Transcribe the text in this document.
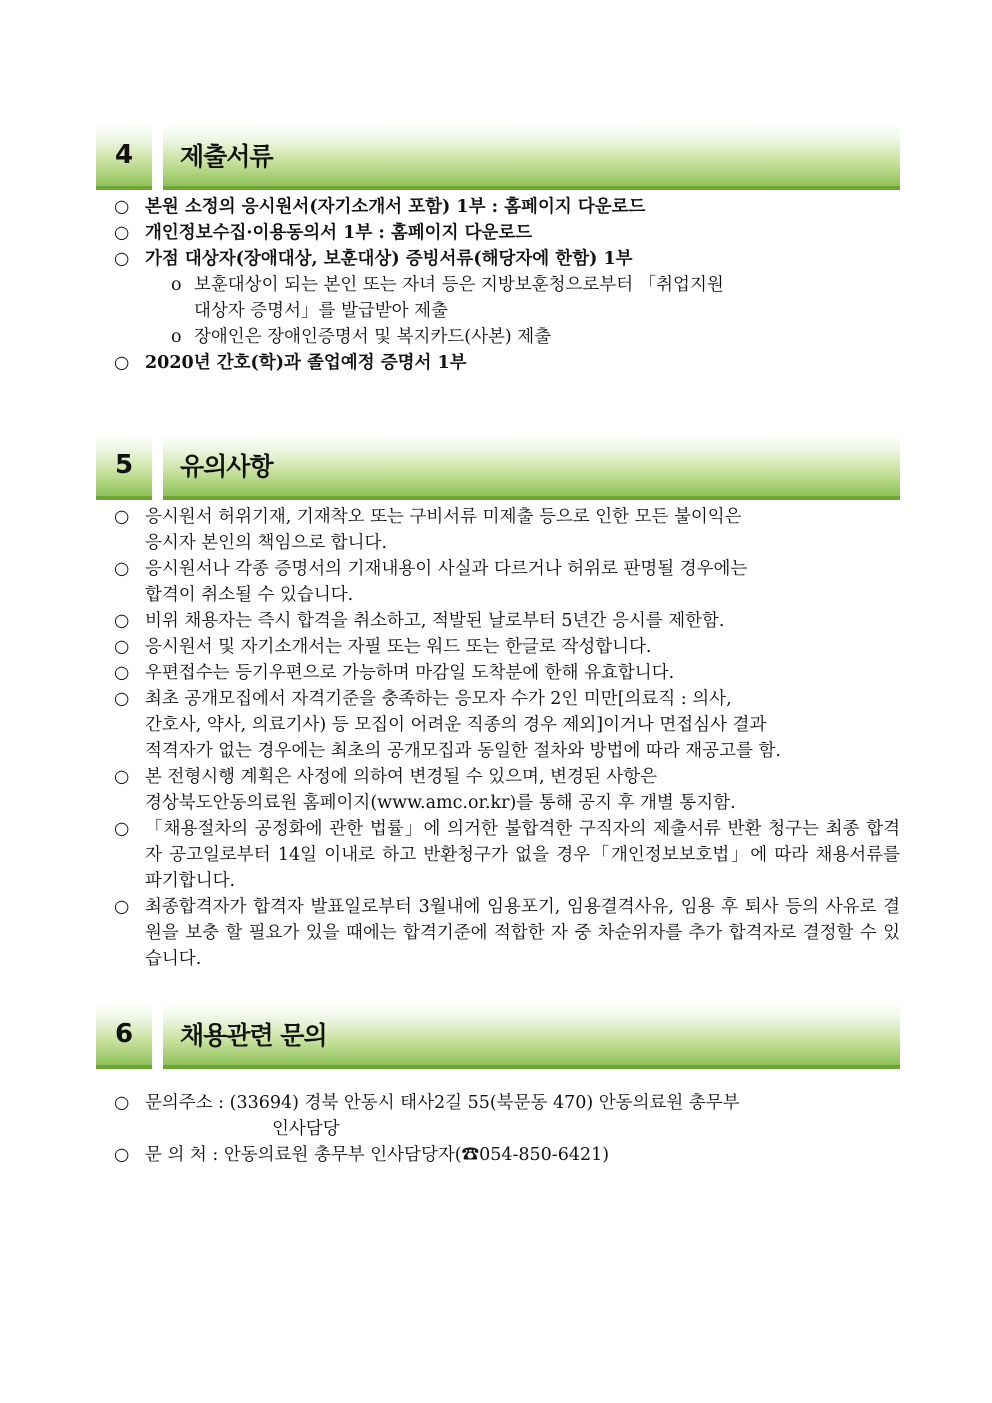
4	제출서류
○ 본원 소정의 응시원서(자기소개서 포함) 1부 : 홈페이지 다운로드
○ 개인정보수집·이용동의서 1부 : 홈페이지 다운로드
○ 가점 대상자(장애대상, 보훈대상) 증빙서류(해당자에 한함) 1부
o 보훈대상이 되는 본인 또는 자녀 등은 지방보훈청으로부터 「취업지원
대상자 증명서」를 발급받아 제출
o 장애인은 장애인증명서 및 복지카드(사본) 제출
○ 2020년 간호(학)과 졸업예정 증명서 1부
5	유의사항
○ 응시원서 허위기재, 기재착오 또는 구비서류 미제출 등으로 인한 모든 불이익은
응시자 본인의 책임으로 합니다.
○ 응시원서나 각종 증명서의 기재내용이 사실과 다르거나 허위로 판명될 경우에는
합격이 취소될 수 있습니다.
○ 비위 채용자는 즉시 합격을 취소하고, 적발된 날로부터 5년간 응시를 제한함.
○ 응시원서 및 자기소개서는 자필 또는 워드 또는 한글로 작성합니다.
○ 우편접수는 등기우편으로 가능하며 마감일 도착분에 한해 유효합니다.
○ 최초 공개모집에서 자격기준을 충족하는 응모자 수가 2인 미만[의료직 : 의사,
간호사, 약사, 의료기사) 등 모집이 어려운 직종의 경우 제외]이거나 면접심사 결과
적격자가 없는 경우에는 최초의 공개모집과 동일한 절차와 방법에 따라 재공고를 함.
○ 본 전형시행 계획은 사정에 의하여 변경될 수 있으며, 변경된 사항은
경상북도안동의료원 홈페이지(www.amc.or.kr)를 통해 공지 후 개별 통지함.
○ 「채용절차의 공정화에 관한 법률」에 의거한 불합격한 구직자의 제출서류 반환 청구는 최종 합격자 공고일로부터 14일 이내로 하고 반환청구가 없을 경우「개인정보보호법」에 따라 채용서류를 파기합니다.
○ 최종합격자가 합격자 발표일로부터 3월내에 임용포기, 임용결격사유, 임용 후 퇴사 등의 사유로 결원을 보충 할 필요가 있을 때에는 합격기준에 적합한 자 중 차순위자를 추가 합격자로 결정할 수 있습니다.
6	채용관련 문의
○ 문의주소 : (33694) 경북 안동시 태사2길 55(북문동 470) 안동의료원 총무부
인사담당
○ 문 의 처 : 안동의료원 총무부 인사담당자(☎054-850-6421)
